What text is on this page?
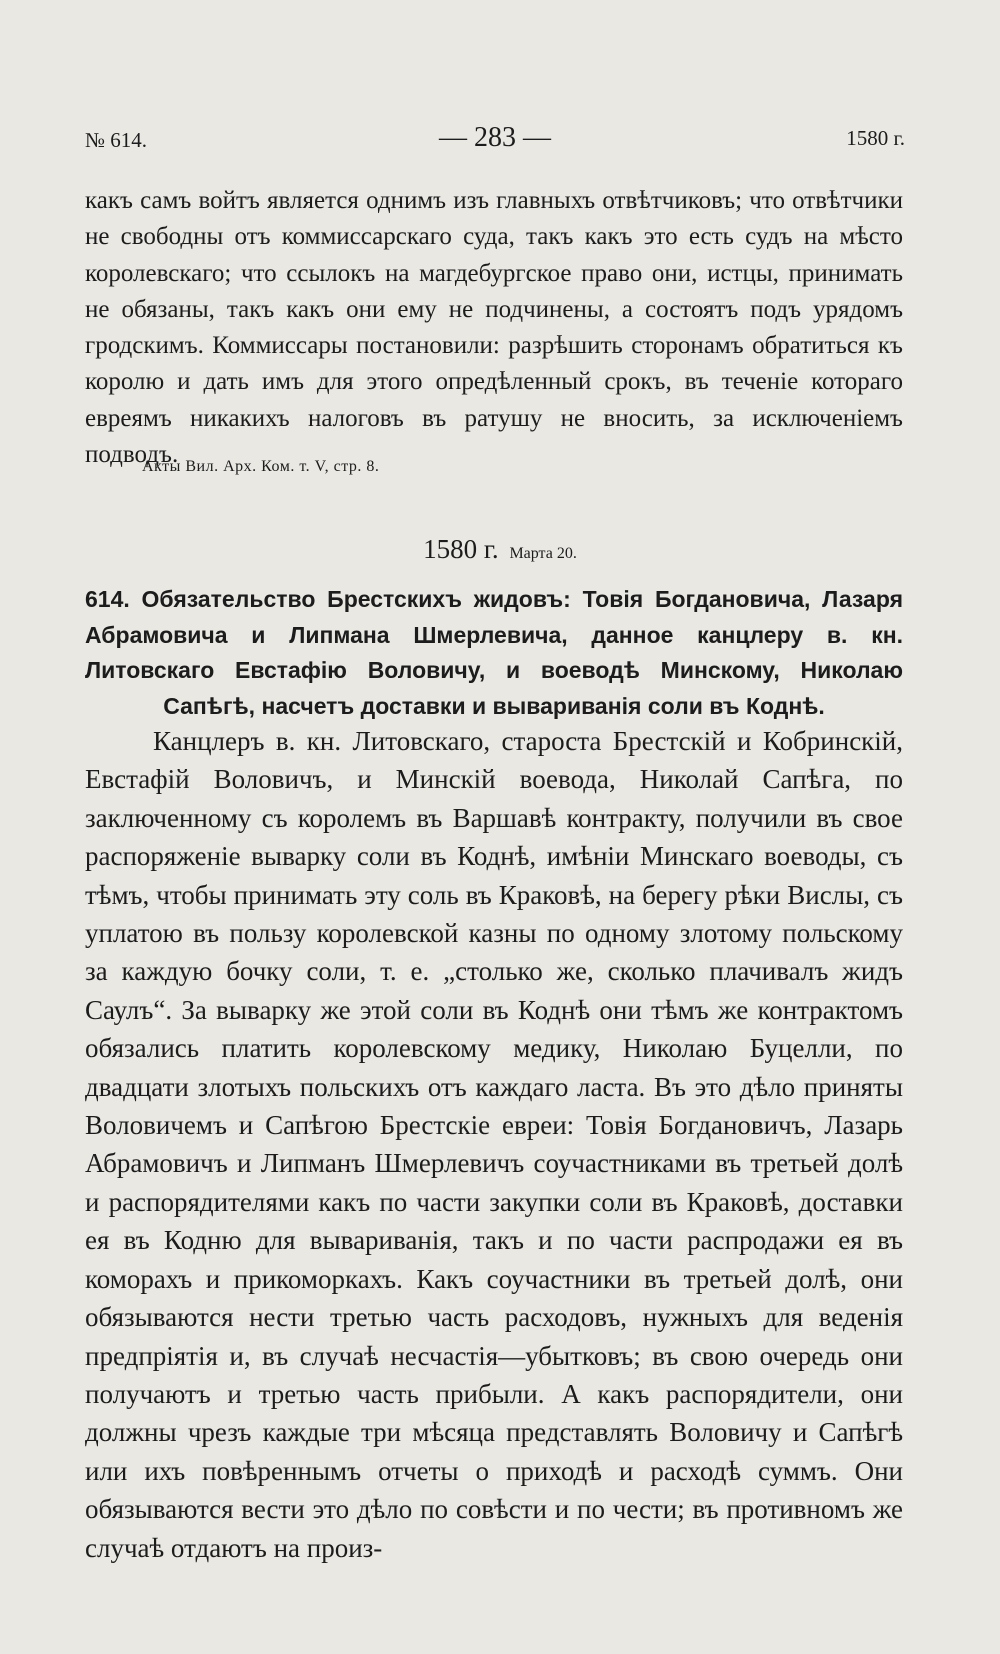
№ 614.	— 283 —	1580 г.
какъ самъ войтъ является однимъ изъ главныхъ отвѣтчиковъ; что отвѣтчики не свободны отъ коммиссарскаго суда, такъ какъ это есть судъ на мѣсто королевскаго; что ссылокъ на магдебургское право они, истцы, принимать не обязаны, такъ какъ они ему не подчинены, а состоятъ подъ урядомъ гродскимъ. Коммиссары постановили: разрѣшить сторонамъ обратиться къ королю и дать имъ для этого опредѣленный срокъ, въ теченіе котораго евреямъ никакихъ налоговъ въ ратушу не вносить, за исключеніемъ подводъ.
Акты Вил. Арх. Ком. т. V, стр. 8.
1580 г. Марта 20.
614. Обязательство Брестскихъ жидовъ: Товія Богдановича, Лазаря Абрамовича и Липмана Шмерлевича, данное канцлеру в. кн. Литовскаго Евстафію Воловичу, и воеводѣ Минскому, Николаю Сапѣгѣ, насчетъ доставки и вывариванія соли въ Коднѣ.
Канцлеръ в. кн. Литовскаго, староста Брестскій и Кобринскій, Евстафій Воловичъ, и Минскій воевода, Николай Сапѣга, по заключенному съ королемъ въ Варшавѣ контракту, получили въ свое распоряженіе выварку соли въ Коднѣ, имѣніи Минскаго воеводы, съ тѣмъ, чтобы принимать эту соль въ Краковѣ, на берегу рѣки Вислы, съ уплатою въ пользу королевской казны по одному злотому польскому за каждую бочку соли, т. е. „столько же, сколько плачивалъ жидъ Саулъ“. За выварку же этой соли въ Коднѣ они тѣмъ же контрактомъ обязались платить королевскому медику, Николаю Буцелли, по двадцати злотыхъ польскихъ отъ каждаго ласта. Въ это дѣло приняты Воловичемъ и Сапѣгою Брестскіе евреи: Товія Богдановичъ, Лазарь Абрамовичъ и Липманъ Шмерлевичъ соучастниками въ третьей долѣ и распорядителями какъ по части закупки соли въ Краковѣ, доставки ея въ Кодню для вывариванія, такъ и по части распродажи ея въ коморахъ и прикоморкахъ. Какъ соучастники въ третьей долѣ, они обязываются нести третью часть расходовъ, нужныхъ для веденія предпріятія и, въ случаѣ несчастія—убытковъ; въ свою очередь они получаютъ и третью часть прибыли. А какъ распорядители, они должны чрезъ каждые три мѣсяца представлять Воловичу и Сапѣгѣ или ихъ повѣреннымъ отчеты о приходѣ и расходѣ суммъ. Они обязываются вести это дѣло по совѣсти и по чести; въ противномъ же случаѣ отдаютъ на произ-
